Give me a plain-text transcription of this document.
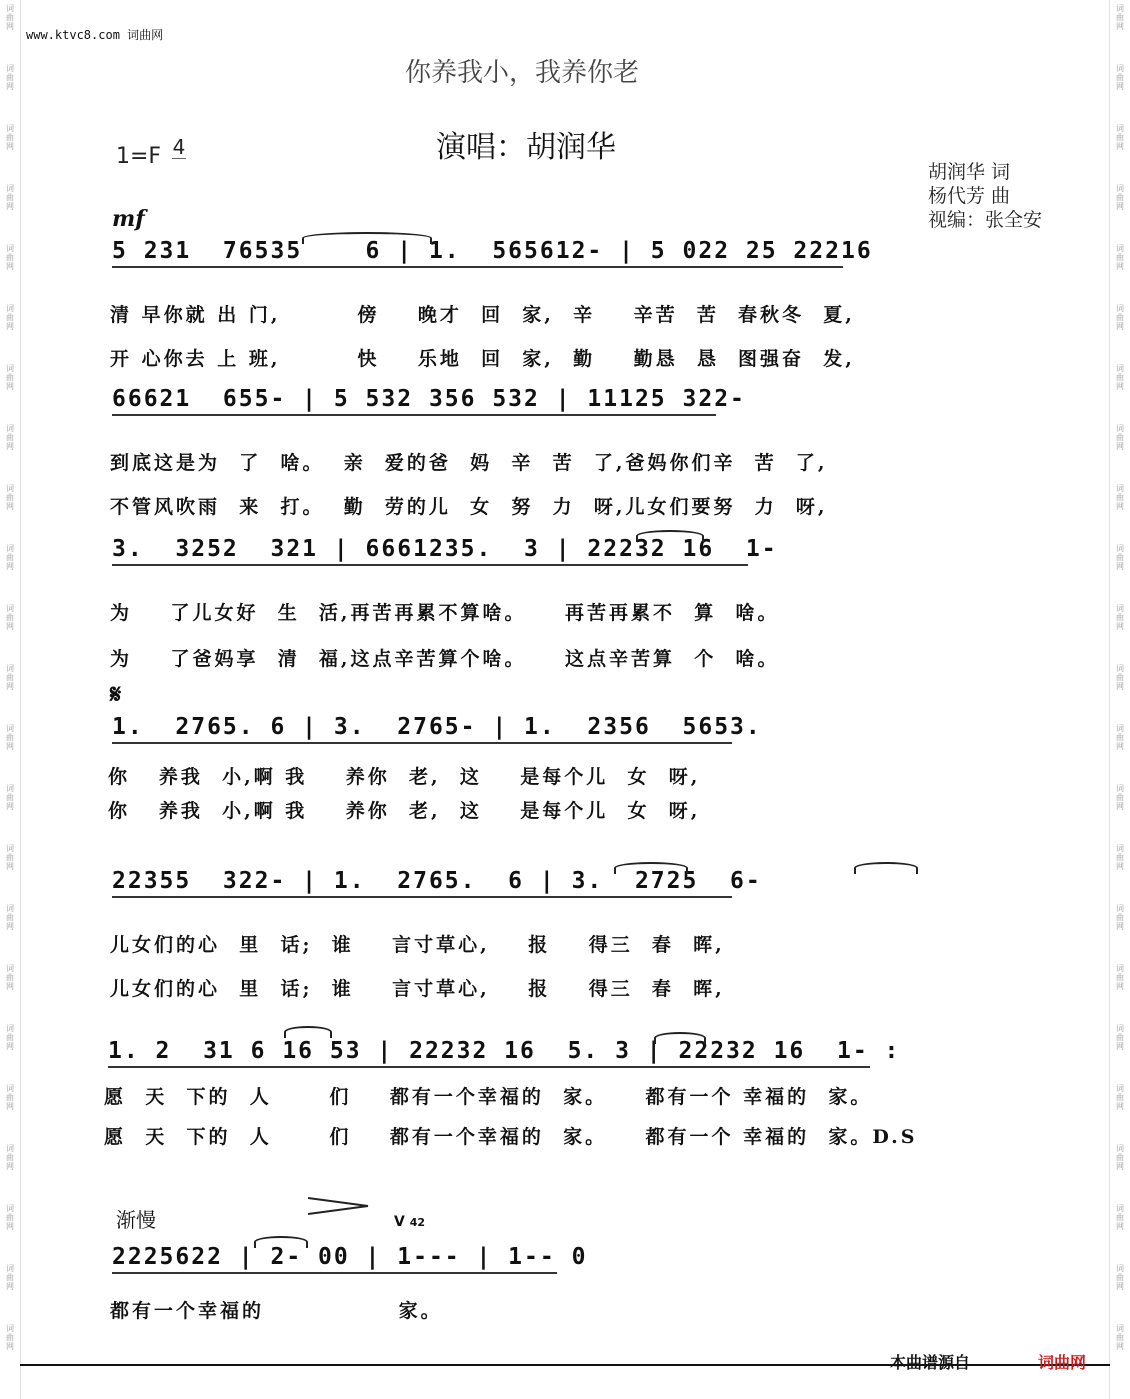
词曲网
词曲网
词曲网
词曲网
词曲网
词曲网
词曲网
词曲网
词曲网
词曲网
词曲网
词曲网
词曲网
词曲网
词曲网
词曲网
词曲网
词曲网
词曲网
词曲网
词曲网
词曲网
词曲网
词曲网
词曲网
词曲网
词曲网
词曲网
词曲网
词曲网
词曲网
词曲网
词曲网
词曲网
词曲网
词曲网
词曲网
词曲网
词曲网
词曲网
词曲网
词曲网
词曲网
词曲网
词曲网
词曲网
www.ktvc8.com 词曲网
你养我小，我养你老
1=F 4	演唱：胡润华
胡润华 词
杨代芳 曲
视编：张全安
mf
5 231  76535    6 | 1.  565612- | 5 022 25 22216
清 早你就 出 门,        傍    晚才  回  家,  辛    辛苦  苦  春秋冬  夏,
开 心你去 上 班,        快    乐地  回  家,  勤    勤恳  恳  图强奋  发,
66621  655- | 5 532 356 532 | 11125 322-
到底这是为  了  啥。  亲  爱的爸  妈  辛  苦  了,爸妈你们辛  苦  了,
不管风吹雨  来  打。  勤  劳的儿  女  努  力  呀,儿女们要努  力  呀,
3.  3252  321 | 6661235.  3 | 22232 16  1-
为    了儿女好  生  活,再苦再累不算啥。    再苦再累不  算  啥。
为    了爸妈享  清  福,这点辛苦算个啥。    这点辛苦算  个  啥。
𝄋
1.  2765. 6 | 3.  2765- | 1.  2356  5653.
你   养我  小,啊 我    养你  老,  这    是每个儿  女  呀,
你   养我  小,啊 我    养你  老,  这    是每个儿  女  呀,
22355  322- | 1.  2765.  6 | 3.  2725  6-
儿女们的心  里  话;  谁    言寸草心,    报    得三  春  晖,
儿女们的心  里  话;  谁    言寸草心,    报    得三  春  晖,
1. 2  31 6 16 53 | 22232 16  5. 3 | 22232 16  1- :
愿  天  下的  人      们    都有一个幸福的  家。    都有一个 幸福的  家。
愿  天  下的  人      们    都有一个幸福的  家。    都有一个 幸福的  家。D.S
渐慢	V 42
2225622 | 2- 00 | 1--- | 1-- 0
都有一个幸福的              家。
本曲谱源自	词曲网
